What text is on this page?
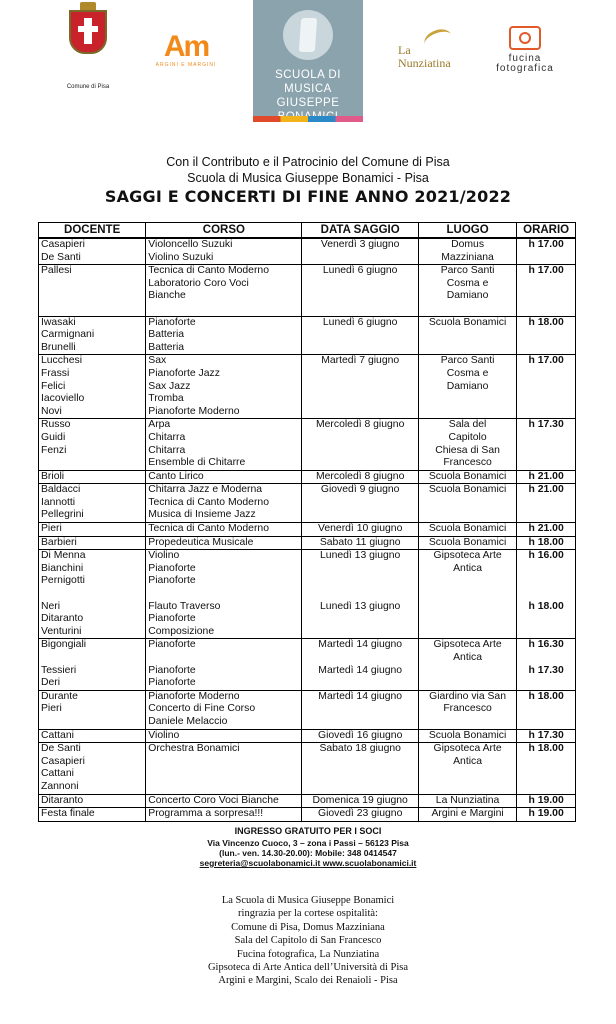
Comune di Pisa
Am
ARGINI E MARGINI
SCUOLA DI MUSICA
GIUSEPPE
La
Nunziatina	fucina
fotografica
Con il Contributo e il Patrocinio del Comune di Pisa
Scuola di Musica Giuseppe Bonamici - Pisa
SAGGI E CONCERTI DI FINE ANNO 2021/2022
DOCENTE	CORSO	DATA SAGGIO	LUOGO	ORARIO
Casapieri	Violoncello Suzuki	Venerdì 3 giugno	Domus	h 17.00
De Santi	Violino Suzuki		Mazziniana	
Pallesi	Tecnica di Canto Moderno	Lunedì 6 giugno	Parco Santi	h 17.00
	Laboratorio Coro Voci		Cosma e	
	Bianche		Damiano	

Iwasaki	Pianoforte	Lunedì 6 giugno	Scuola Bonamici	h 18.00
Carmignani	Batteria			
Brunelli	Batteria			
Lucchesi	Sax	Martedì 7 giugno	Parco Santi	h 17.00
Frassi	Pianoforte Jazz		Cosma e	
Felici	Sax Jazz		Damiano	
Iacoviello	Tromba			
Novi	Pianoforte Moderno			
Russo	Arpa	Mercoledì 8 giugno	Sala del	h 17.30
Guidi	Chitarra		Capitolo	
Fenzi	Chitarra		Chiesa di San	
	Ensemble di Chitarre		Francesco	
Brioli	Canto Lirico	Mercoledì 8 giugno	Scuola Bonamici	h 21.00
Baldacci	Chitarra Jazz e Moderna	Giovedì 9 giugno	Scuola Bonamici	h 21.00
Iannotti	Tecnica di Canto Moderno			
Pellegrini	Musica di Insieme Jazz			
Pieri	Tecnica di Canto Moderno	Venerdì 10 giugno	Scuola Bonamici	h 21.00
Barbieri	Propedeutica Musicale	Sabato 11 giugno	Scuola Bonamici	h 18.00
Di Menna	Violino	Lunedì 13 giugno	Gipsoteca Arte	h 16.00
Bianchini	Pianoforte		Antica	
Pernigotti	Pianoforte			

Neri	Flauto Traverso	Lunedì 13 giugno		h 18.00
Ditaranto	Pianoforte			
Venturini	Composizione			
Bigongiali	Pianoforte	Martedì 14 giugno	Gipsoteca Arte	h 16.30
			Antica	
Tessieri	Pianoforte	Martedì 14 giugno		h 17.30
Deri	Pianoforte			
Durante	Pianoforte Moderno	Martedì 14 giugno	Giardino via San	h 18.00
Pieri	Concerto di Fine Corso		Francesco	
	Daniele Melaccio			
Cattani	Violino	Giovedì 16 giugno	Scuola Bonamici	h 17.30
De Santi	Orchestra Bonamici	Sabato 18 giugno	Gipsoteca Arte	h 18.00
Casapieri			Antica	
Cattani				
Zannoni				
Ditaranto	Concerto Coro Voci Bianche	Domenica 19 giugno	La Nunziatina	h 19.00
Festa finale	Programma a sorpresa!!!	Giovedì 23 giugno	Argini e Margini	h 19.00
INGRESSO GRATUITO PER I SOCI
Via Vincenzo Cuoco, 3 – zona i Passi – 56123 Pisa
(lun.- ven. 14.30-20.00): Mobile: 348 0414547
segreteria@scuolabonamici.it www.scuolabonamici.it
La Scuola di Musica Giuseppe Bonamici
ringrazia per la cortese ospitalità:
Comune di Pisa, Domus Mazziniana
Sala del Capitolo di San Francesco
Fucina fotografica, La Nunziatina
Gipsoteca di Arte Antica dell’Università di Pisa
Argini e Margini, Scalo dei Renaioli - Pisa
